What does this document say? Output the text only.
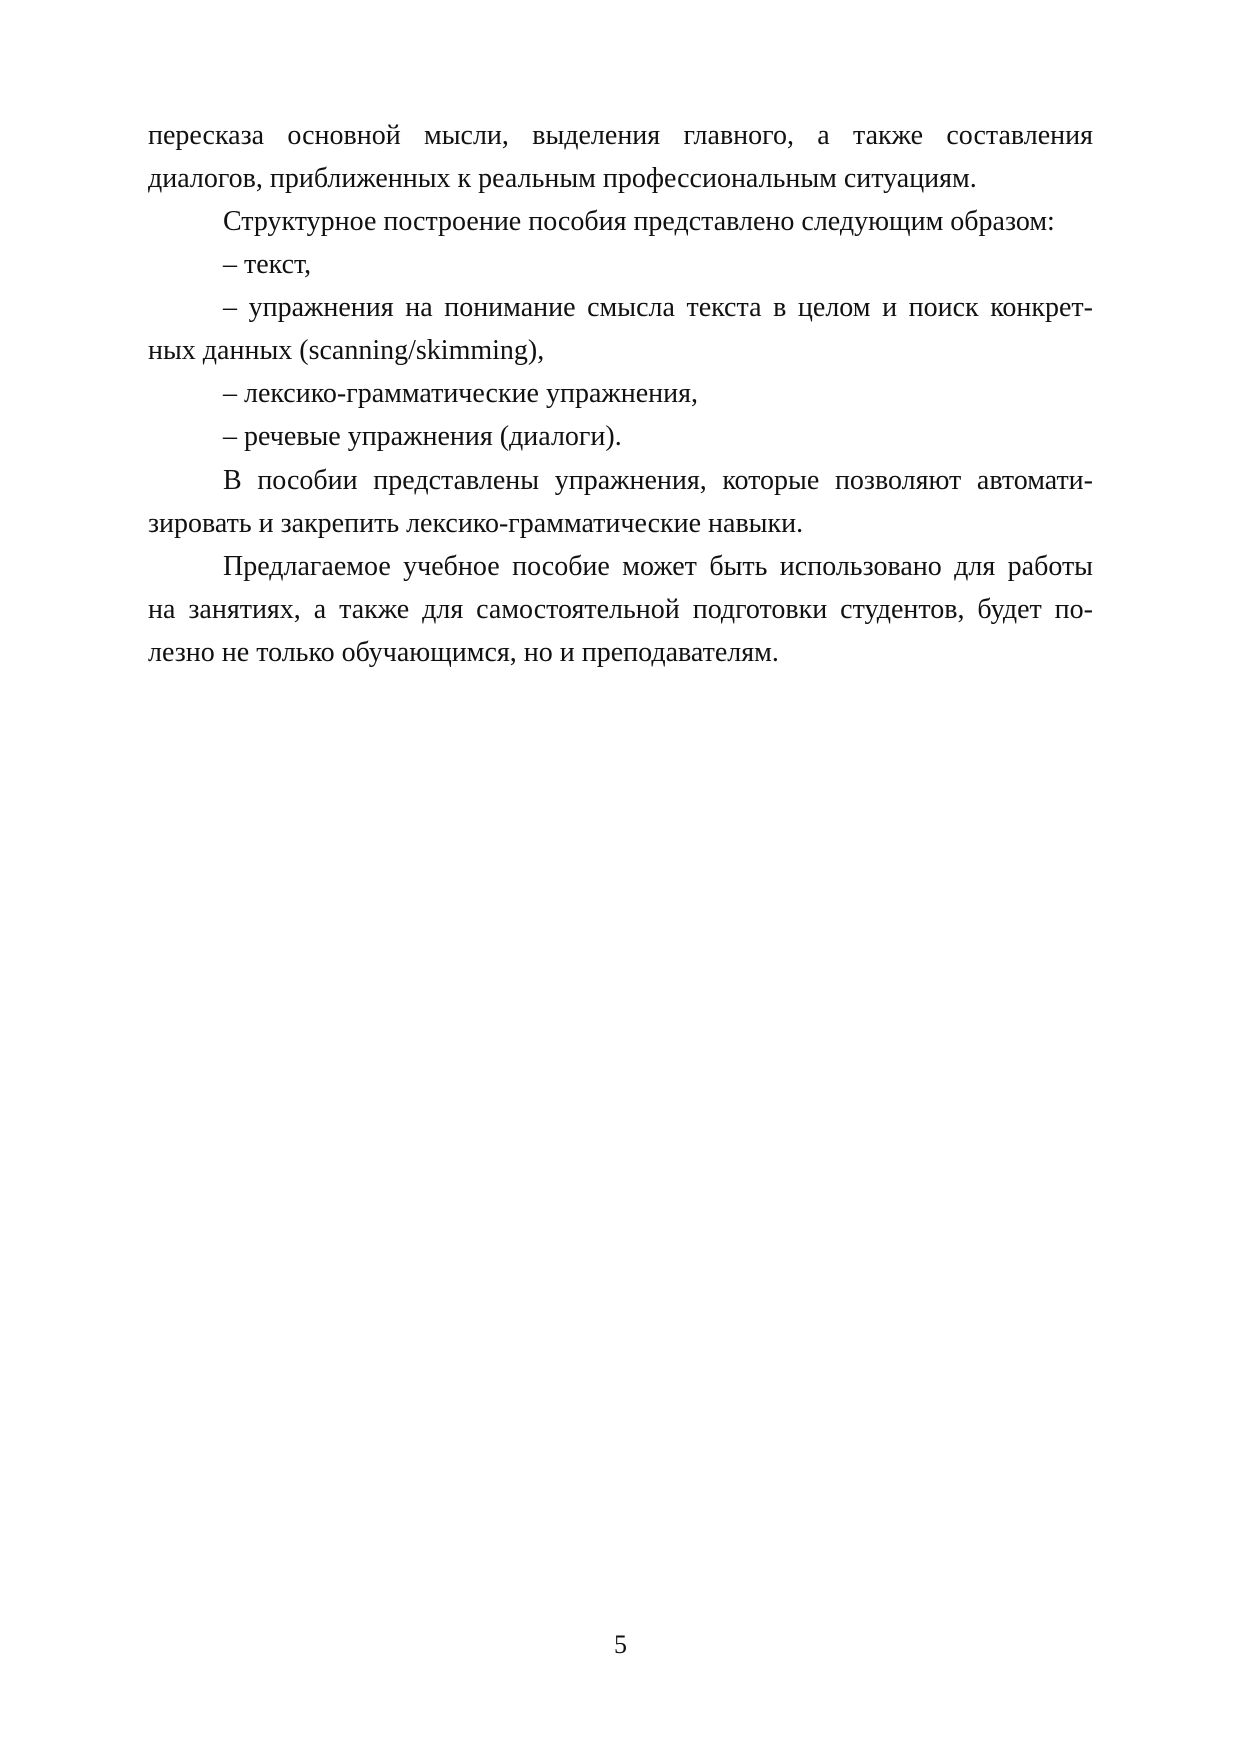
пересказа основной мысли, выделения главного, а также составления
диалогов, приближенных к реальным профессиональным ситуациям.
Структурное построение пособия представлено следующим образом:
– текст,
– упражнения на понимание смысла текста в целом и поиск конкрет-
ных данных (scanning/skimming),
– лексико-грамматические упражнения,
– речевые упражнения (диалоги).
В пособии представлены упражнения, которые позволяют автомати-
зировать и закрепить лексико-грамматические навыки.
Предлагаемое учебное пособие может быть использовано для работы
на занятиях, а также для самостоятельной подготовки студентов, будет по-
лезно не только обучающимся, но и преподавателям.
5
